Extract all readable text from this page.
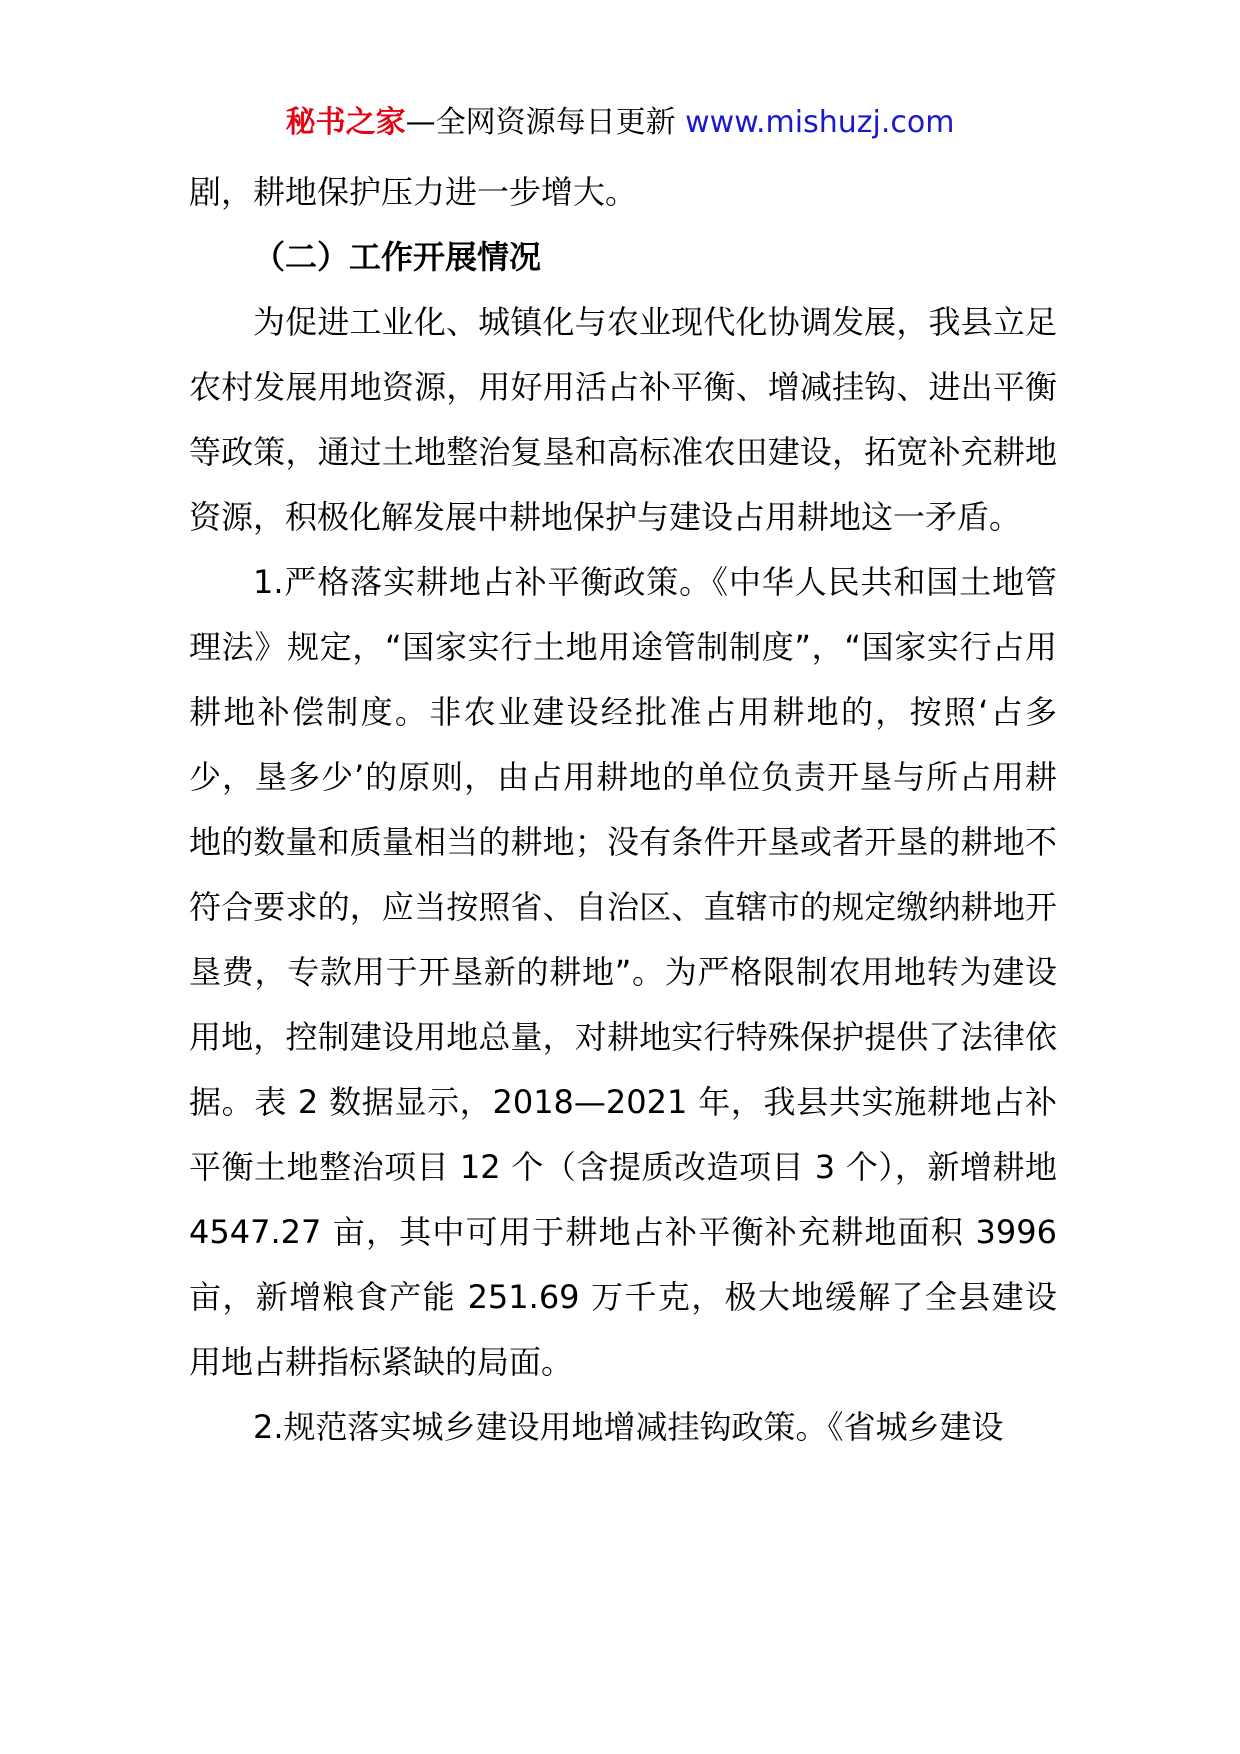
秘书之家—全网资源每日更新 www.mishuzj.com

剧，耕地保护压力进一步增大。

（二）工作开展情况

为促进工业化、城镇化与农业现代化协调发展，我县立足农村发展用地资源，用好用活占补平衡、增减挂钩、进出平衡等政策，通过土地整治复垦和高标准农田建设，拓宽补充耕地资源，积极化解发展中耕地保护与建设占用耕地这一矛盾。

1.严格落实耕地占补平衡政策。《中华人民共和国土地管理法》规定，“国家实行土地用途管制制度”，“国家实行占用耕地补偿制度。非农业建设经批准占用耕地的，按照‘占多少，垦多少’的原则，由占用耕地的单位负责开垦与所占用耕地的数量和质量相当的耕地；没有条件开垦或者开垦的耕地不符合要求的，应当按照省、自治区、直辖市的规定缴纳耕地开垦费，专款用于开垦新的耕地”。为严格限制农用地转为建设用地，控制建设用地总量，对耕地实行特殊保护提供了法律依据。表 2 数据显示，2018—2021 年，我县共实施耕地占补平衡土地整治项目 12 个（含提质改造项目 3 个），新增耕地 4547.27 亩，其中可用于耕地占补平衡补充耕地面积 3996 亩，新增粮食产能 251.69 万千克，极大地缓解了全县建设用地占耕指标紧缺的局面。

2.规范落实城乡建设用地增减挂钩政策。《省城乡建设
